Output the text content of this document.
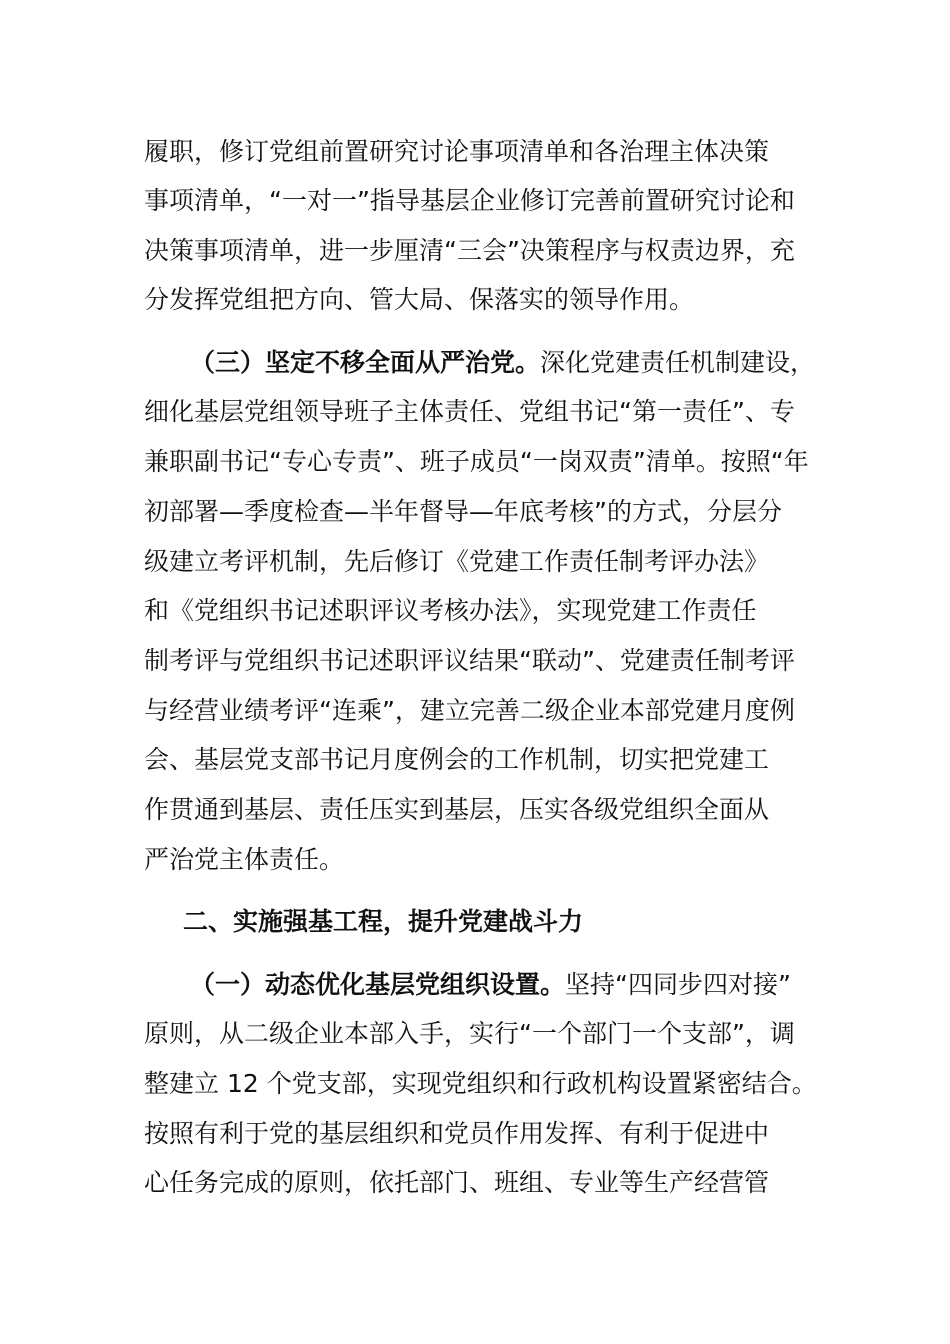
履职，修订党组前置研究讨论事项清单和各治理主体决策
事项清单，“一对一”指导基层企业修订完善前置研究讨论和
决策事项清单，进一步厘清“三会”决策程序与权责边界，充
分发挥党组把方向、管大局、保落实的领导作用。
（三）坚定不移全面从严治党。深化党建责任机制建设，
细化基层党组领导班子主体责任、党组书记“第一责任”、专
兼职副书记“专心专责”、班子成员“一岗双责”清单。按照“年
初部署—季度检查—半年督导—年底考核”的方式，分层分
级建立考评机制，先后修订《党建工作责任制考评办法》
和《党组织书记述职评议考核办法》，实现党建工作责任
制考评与党组织书记述职评议结果“联动”、党建责任制考评
与经营业绩考评“连乘”，建立完善二级企业本部党建月度例
会、基层党支部书记月度例会的工作机制，切实把党建工
作贯通到基层、责任压实到基层，压实各级党组织全面从
严治党主体责任。
二、实施强基工程，提升党建战斗力
（一）动态优化基层党组织设置。坚持“四同步四对接”
原则，从二级企业本部入手，实行“一个部门一个支部”，调
整建立 12 个党支部，实现党组织和行政机构设置紧密结合。
按照有利于党的基层组织和党员作用发挥、有利于促进中
心任务完成的原则，依托部门、班组、专业等生产经营管
